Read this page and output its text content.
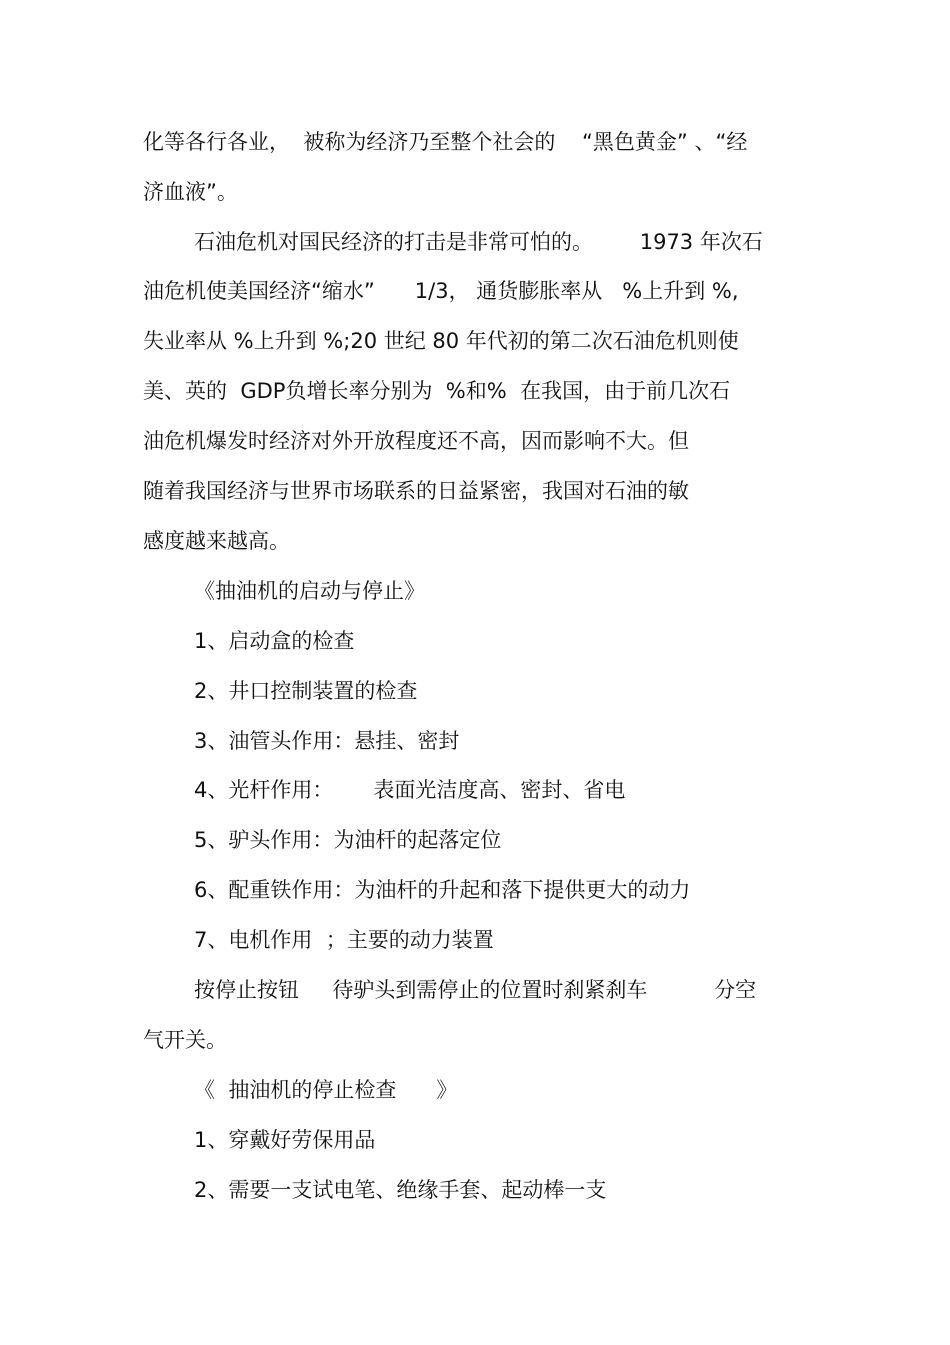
化等各行各业，  被称为经济乃至整个社会的    “黑色黄金” 、“经
济血液”。
石油危机对国民经济的打击是非常可怕的。       1973 年次石
油危机使美国经济“缩水”      1/3， 通货膨胀率从   %上升到 %,
失业率从 %上升到 %;20 世纪 80 年代初的第二次石油危机则使
美、英的  GDP负增长率分别为  %和%  在我国，由于前几次石
油危机爆发时经济对外开放程度还不高，因而影响不大。但
随着我国经济与世界市场联系的日益紧密，我国对石油的敏
感度越来越高。
《抽油机的启动与停止》
1、启动盒的检查
2、井口控制装置的检查
3、油管头作用：悬挂、密封
4、光杆作用：      表面光洁度高、密封、省电
5、驴头作用：为油杆的起落定位
6、配重铁作用：为油杆的升起和落下提供更大的动力
7、电机作用  ；主要的动力装置
按停止按钮     待驴头到需停止的位置时刹紧刹车          分空
气开关。
《  抽油机的停止检查      》
1、穿戴好劳保用品
2、需要一支试电笔、绝缘手套、起动棒一支
